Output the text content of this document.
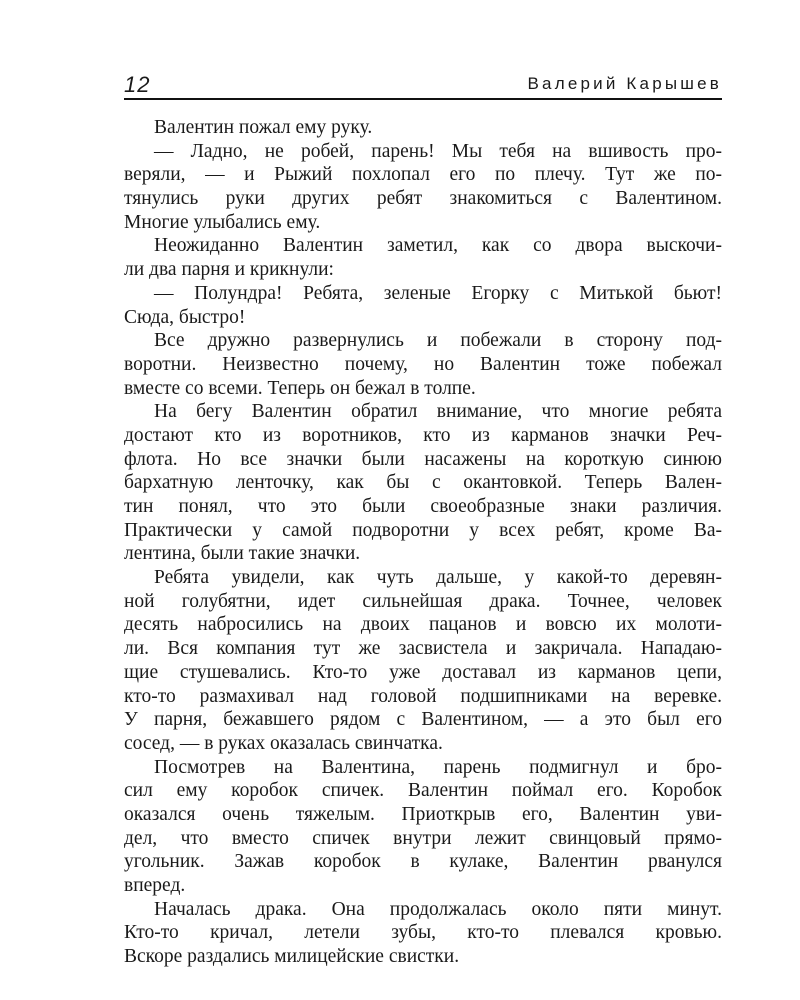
12	Валерий Карышев
Валентин пожал ему руку.
— Ладно, не робей, парень! Мы тебя на вшивость про-
веряли, — и Рыжий похлопал его по плечу. Тут же по-
тянулись руки других ребят знакомиться с Валентином.
Многие улыбались ему.
Неожиданно Валентин заметил, как со двора выскочи-
ли два парня и крикнули:
— Полундра! Ребята, зеленые Егорку с Митькой бьют!
Сюда, быстро!
Все дружно развернулись и побежали в сторону под-
воротни. Неизвестно почему, но Валентин тоже побежал
вместе со всеми. Теперь он бежал в толпе.
На бегу Валентин обратил внимание, что многие ребята
достают кто из воротников, кто из карманов значки Реч-
флота. Но все значки были насажены на короткую синюю
бархатную ленточку, как бы с окантовкой. Теперь Вален-
тин понял, что это были своеобразные знаки различия.
Практически у самой подворотни у всех ребят, кроме Ва-
лентина, были такие значки.
Ребята увидели, как чуть дальше, у какой-то деревян-
ной голубятни, идет сильнейшая драка. Точнее, человек
десять набросились на двоих пацанов и вовсю их молоти-
ли. Вся компания тут же засвистела и закричала. Нападаю-
щие стушевались. Кто-то уже доставал из карманов цепи,
кто-то размахивал над головой подшипниками на веревке.
У парня, бежавшего рядом с Валентином, — а это был его
сосед, — в руках оказалась свинчатка.
Посмотрев на Валентина, парень подмигнул и бро-
сил ему коробок спичек. Валентин поймал его. Коробок
оказался очень тяжелым. Приоткрыв его, Валентин уви-
дел, что вместо спичек внутри лежит свинцовый прямо-
угольник. Зажав коробок в кулаке, Валентин рванулся
вперед.
Началась драка. Она продолжалась около пяти минут.
Кто-то кричал, летели зубы, кто-то плевался кровью.
Вскоре раздались милицейские свистки.
